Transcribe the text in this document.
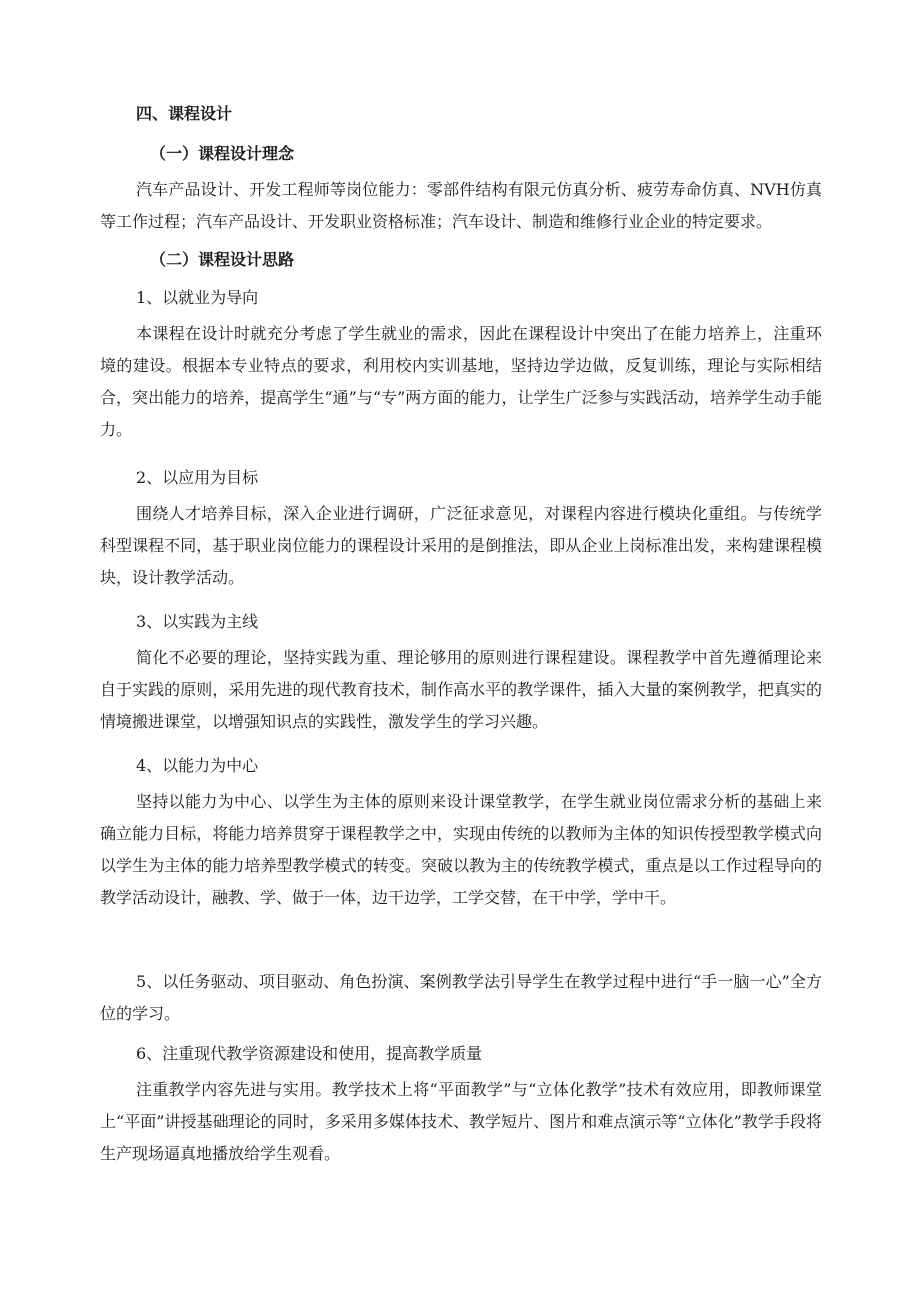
四、课程设计

（一）课程设计理念

汽车产品设计、开发工程师等岗位能力：零部件结构有限元仿真分析、疲劳寿命仿真、NVH仿真等工作过程；汽车产品设计、开发职业资格标准；汽车设计、制造和维修行业企业的特定要求。

（二）课程设计思路

1、以就业为导向

本课程在设计时就充分考虑了学生就业的需求，因此在课程设计中突出了在能力培养上，注重环境的建设。根据本专业特点的要求，利用校内实训基地，坚持边学边做，反复训练，理论与实际相结合，突出能力的培养，提高学生“通”与“专”两方面的能力，让学生广泛参与实践活动，培养学生动手能力。

2、以应用为目标

围绕人才培养目标，深入企业进行调研，广泛征求意见，对课程内容进行模块化重组。与传统学科型课程不同，基于职业岗位能力的课程设计采用的是倒推法，即从企业上岗标准出发，来构建课程模块，设计教学活动。

3、以实践为主线

简化不必要的理论，坚持实践为重、理论够用的原则进行课程建设。课程教学中首先遵循理论来自于实践的原则，采用先进的现代教育技术，制作高水平的教学课件，插入大量的案例教学，把真实的情境搬进课堂，以增强知识点的实践性，激发学生的学习兴趣。

4、以能力为中心

坚持以能力为中心、以学生为主体的原则来设计课堂教学，在学生就业岗位需求分析的基础上来确立能力目标，将能力培养贯穿于课程教学之中，实现由传统的以教师为主体的知识传授型教学模式向以学生为主体的能力培养型教学模式的转变。突破以教为主的传统教学模式，重点是以工作过程导向的教学活动设计，融教、学、做于一体，边干边学，工学交替，在干中学，学中干。

5、以任务驱动、项目驱动、角色扮演、案例教学法引导学生在教学过程中进行“手一脑一心”全方位的学习。

6、注重现代教学资源建设和使用，提高教学质量

注重教学内容先进与实用。教学技术上将“平面教学”与“立体化教学”技术有效应用，即教师课堂上“平面”讲授基础理论的同时，多采用多媒体技术、教学短片、图片和难点演示等“立体化”教学手段将生产现场逼真地播放给学生观看。
